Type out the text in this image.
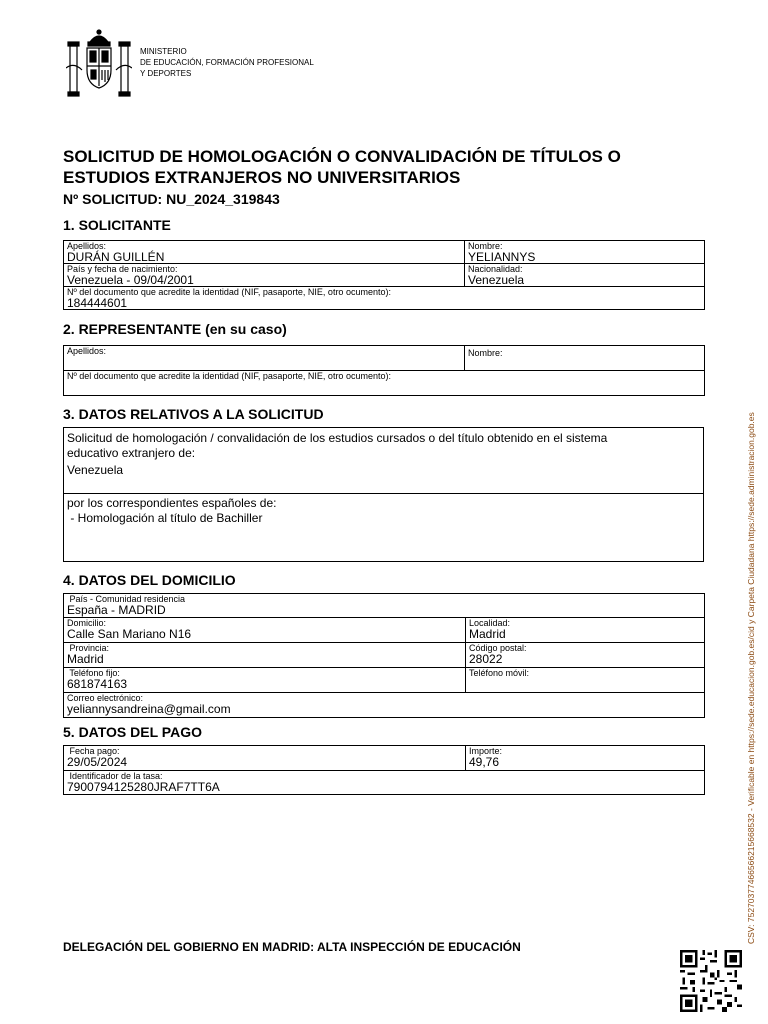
MINISTERIO
DE EDUCACIÓN, FORMACIÓN PROFESIONAL
Y DEPORTES
SOLICITUD DE HOMOLOGACIÓN O CONVALIDACIÓN DE TÍTULOS O
ESTUDIOS EXTRANJEROS NO UNIVERSITARIOS
Nº SOLICITUD: NU_2024_319843
1. SOLICITANTE
Apellidos:
DURÁN GUILLÉN	Nombre:
YELIANNYS

País y fecha de nacimiento:
Venezuela - 09/04/2001	Nacionalidad:
Venezuela

Nº del documento que acredite la identidad (NIF, pasaporte, NIE, otro ocumento):
184444601	
2. REPRESENTANTE (en su caso)
Apellidos:	Nombre:

Nº del documento que acredite la identidad (NIF, pasaporte, NIE, otro ocumento):
3. DATOS RELATIVOS A LA SOLICITUD
Solicitud de homologación / convalidación de los estudios cursados o del título obtenido en el sistema
educativo extranjero de:
Venezuela
por los correspondientes españoles de:
- Homologación al título de Bachiller
4. DATOS DEL DOMICILIO
País - Comunidad residencia
España - MADRID	

Domicilio:
Calle San Mariano N16	Localidad:
Madrid

Provincia:
Madrid	Código postal:
28022

Teléfono fijo:
681874163	Teléfono móvil:

Correo electrónico:
yeliannysandreina@gmail.com	
5. DATOS DEL PAGO
Fecha pago:
29/05/2024

Importe:
49,76

Identificador de la tasa:
7900794125280JRAF7TT6A
DELEGACIÓN DEL GOBIERNO EN MADRID: ALTA INSPECCIÓN DE EDUCACIÓN
CSV: 75270377466566215668532 - Verificable en https://sede.educacion.gob.es/cid y Carpeta Ciudadana https://sede.administracion.gob.es
